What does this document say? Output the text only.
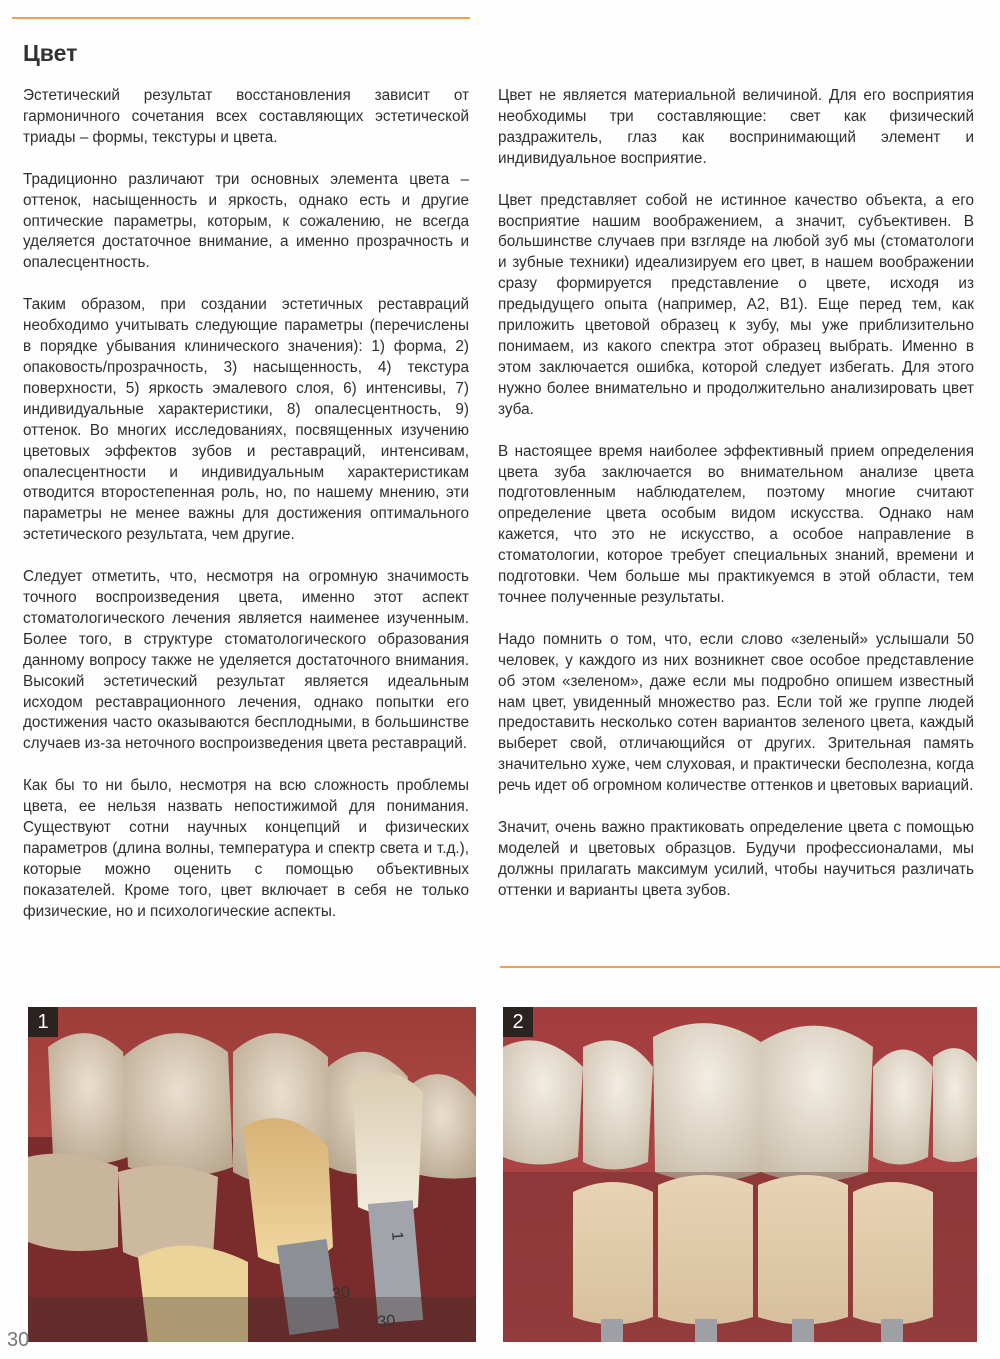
Цвет

Эстетический результат восстановления зависит от гармоничного сочетания всех составляющих эстетической триады – формы, текстуры и цвета.

Традиционно различают три основных элемента цвета – оттенок, насыщенность и яркость, однако есть и другие оптические параметры, которым, к сожалению, не всегда уделяется достаточное внимание, а именно прозрачность и опалесцентность.

Таким образом, при создании эстетичных реставраций необходимо учитывать следующие параметры (перечислены в порядке убывания клинического значения): 1) форма, 2) опаковость/прозрачность, 3) насыщенность, 4) текстура поверхности, 5) яркость эмалевого слоя, 6) интенсивы, 7) индивидуальные характеристики, 8) опалесцентность, 9) оттенок. Во многих исследованиях, посвященных изучению цветовых эффектов зубов и реставраций, интенсивам, опалесцентности и индивидуальным характеристикам отводится второстепенная роль, но, по нашему мнению, эти параметры не менее важны для достижения оптимального эстетического результата, чем другие.

Следует отметить, что, несмотря на огромную значимость точного воспроизведения цвета, именно этот аспект стоматологического лечения является наименее изученным. Более того, в структуре стоматологического образования данному вопросу также не уделяется достаточного внимания. Высокий эстетический результат является идеальным исходом реставрационного лечения, однако попытки его достижения часто оказываются бесплодными, в большинстве случаев из-за неточного воспроизведения цвета реставраций.

Как бы то ни было, несмотря на всю сложность проблемы цвета, ее нельзя назвать непостижимой для понимания. Существуют сотни научных концепций и физических параметров (длина волны, температура и спектр света и т.д.), которые можно оценить с помощью объективных показателей. Кроме того, цвет включает в себя не только физические, но и психологические аспекты.

Цвет не является материальной величиной. Для его восприятия необходимы три составляющие: свет как физический раздражитель, глаз как воспринимающий элемент и индивидуальное восприятие.

Цвет представляет собой не истинное качество объекта, а его восприятие нашим воображением, а значит, субъективен. В большинстве случаев при взгляде на любой зуб мы (стоматологи и зубные техники) идеализируем его цвет, в нашем воображении сразу формируется представление о цвете, исходя из предыдущего опыта (например, А2, В1). Еще перед тем, как приложить цветовой образец к зубу, мы уже приблизительно понимаем, из какого спектра этот образец выбрать. Именно в этом заключается ошибка, которой следует избегать. Для этого нужно более внимательно и продолжительно анализировать цвет зуба.

В настоящее время наиболее эффективный прием определения цвета зуба заключается во внимательном анализе цвета подготовленным наблюдателем, поэтому многие считают определение цвета особым видом искусства. Однако нам кажется, что это не искусство, а особое направление в стоматологии, которое требует специальных знаний, времени и подготовки. Чем больше мы практикуемся в этой области, тем точнее полученные результаты.

Надо помнить о том, что, если слово «зеленый» услышали 50 человек, у каждого из них возникнет свое особое представление об этом «зеленом», даже если мы подробно опишем известный нам цвет, увиденный множество раз. Если той же группе людей предоставить несколько сотен вариантов зеленого цвета, каждый выберет свой, отличающийся от других. Зрительная память значительно хуже, чем слуховая, и практически бесполезна, когда речь идет об огромном количестве оттенков и цветовых вариаций.

Значит, очень важно практиковать определение цвета с помощью моделей и цветовых образцов. Будучи профессионалами, мы должны прилагать максимум усилий, чтобы научиться различать оттенки и варианты цвета зубов.

30
1
30
1	2
30
